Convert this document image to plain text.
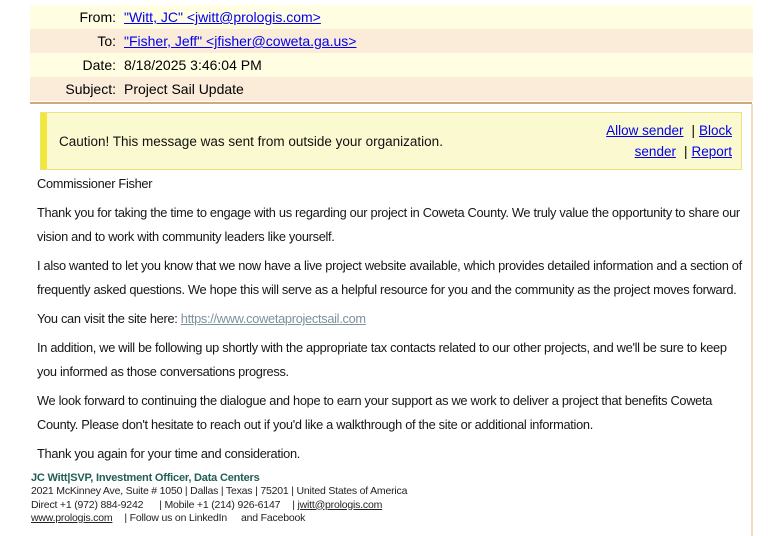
From: "Witt, JC" <jwitt@prologis.com>
To: "Fisher, Jeff" <jfisher@coweta.ga.us>
Date: 8/18/2025 3:46:04 PM
Subject: Project Sail Update
Caution! This message was sent from outside your organization.
Allow sender | Block sender | Report

Commissioner Fisher

Thank you for taking the time to engage with us regarding our project in Coweta County. We truly value the opportunity to share our vision and to work with community leaders like yourself.

I also wanted to let you know that we now have a live project website available, which provides detailed information and a section of frequently asked questions. We hope this will serve as a helpful resource for you and the community as the project moves forward.

You can visit the site here: https://www.cowetaprojectsail.com

In addition, we will be following up shortly with the appropriate tax contacts related to our other projects, and we'll be sure to keep you informed as those conversations progress.

We look forward to continuing the dialogue and hope to earn your support as we work to deliver a project that benefits Coweta County. Please don't hesitate to reach out if you'd like a walkthrough of the site or additional information.

Thank you again for your time and consideration.

JC Witt|SVP, Investment Officer, Data Centers
2021 McKinney Ave, Suite # 1050 | Dallas | Texas | 75201 | United States of America
Direct +1 (972) 884-9242 | Mobile +1 (214) 926-6147 | jwitt@prologis.com
www.prologis.com | Follow us on LinkedIn and Facebook
